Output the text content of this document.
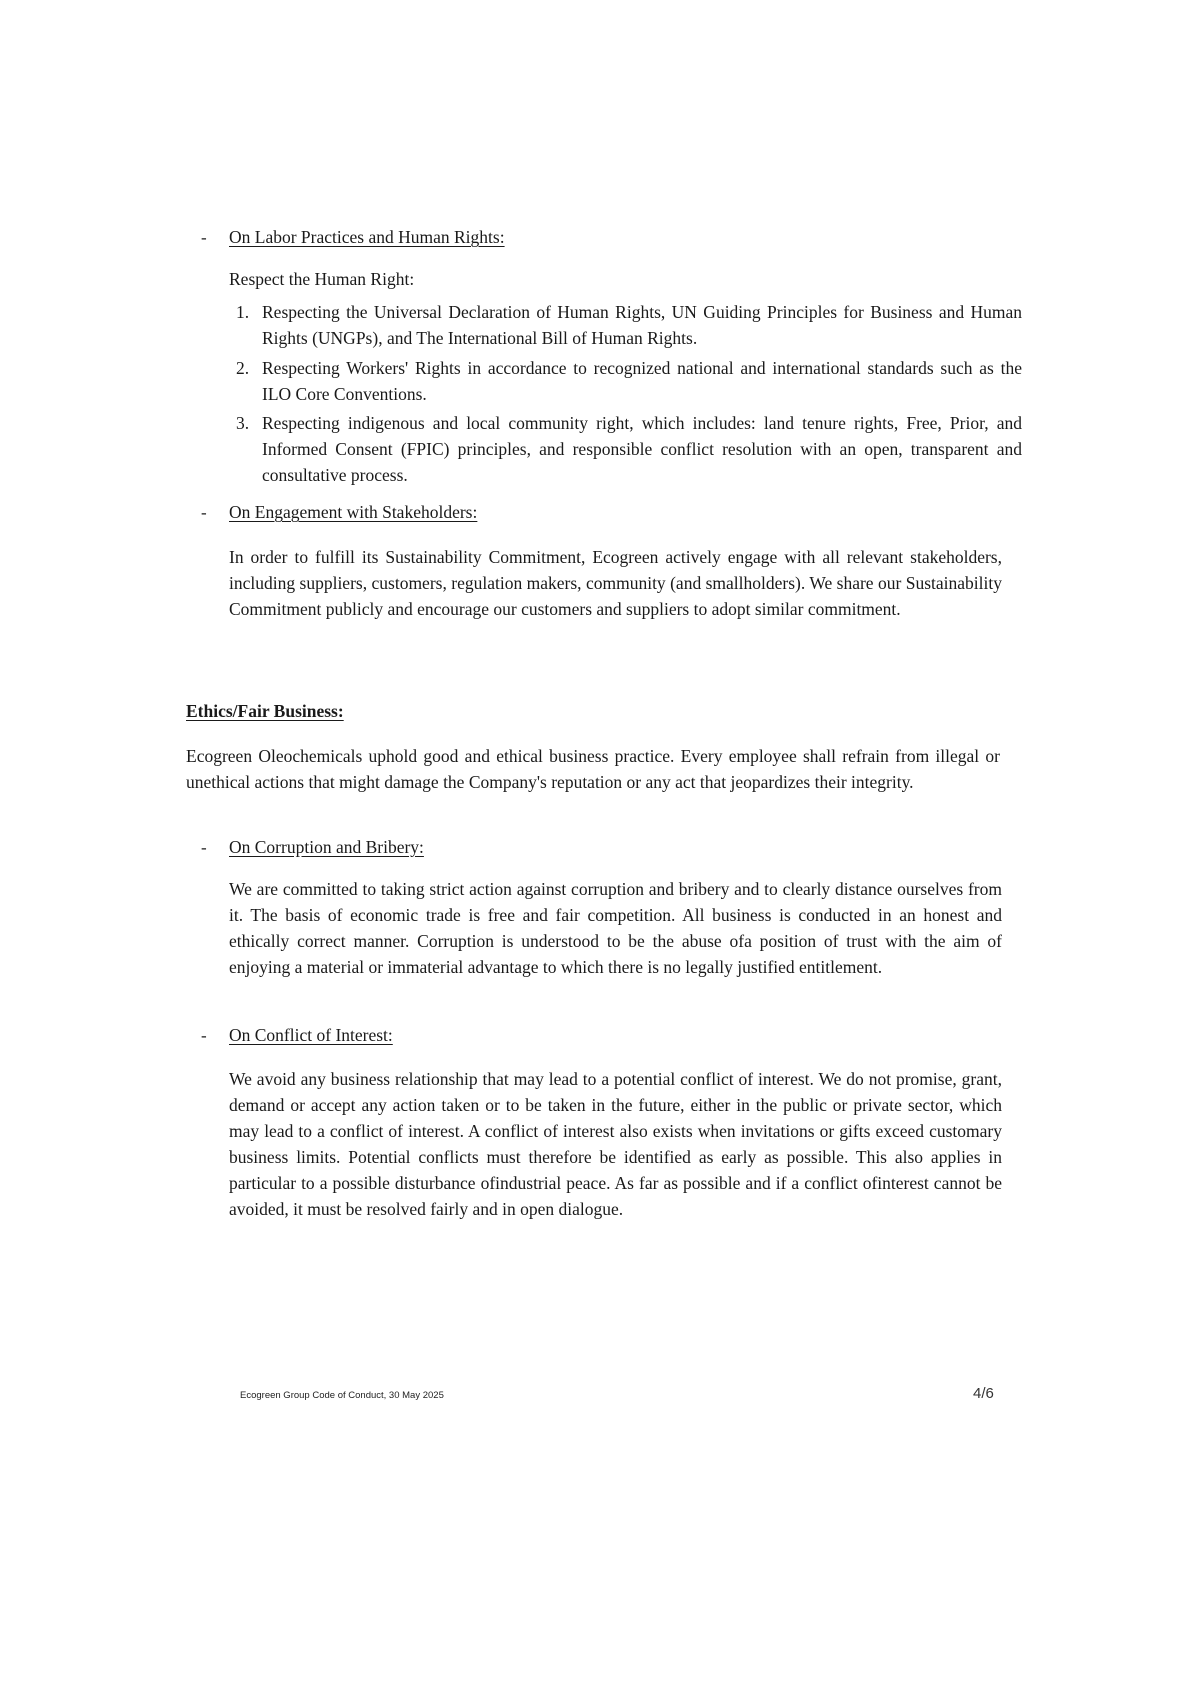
- On Labor Practices and Human Rights:
Respect the Human Right:
1. Respecting the Universal Declaration of Human Rights, UN Guiding Principles for Business and Human Rights (UNGPs), and The International Bill of Human Rights.
2. Respecting Workers' Rights in accordance to recognized national and international standards such as the ILO Core Conventions.
3. Respecting indigenous and local community right, which includes: land tenure rights, Free, Prior, and Informed Consent (FPIC) principles, and responsible conflict resolution with an open, transparent and consultative process.
- On Engagement with Stakeholders:
In order to fulfill its Sustainability Commitment, Ecogreen actively engage with all relevant stakeholders, including suppliers, customers, regulation makers, community (and smallholders). We share our Sustainability Commitment publicly and encourage our customers and suppliers to adopt similar commitment.
Ethics/Fair Business:
Ecogreen Oleochemicals uphold good and ethical business practice. Every employee shall refrain from illegal or unethical actions that might damage the Company's reputation or any act that jeopardizes their integrity.
- On Corruption and Bribery:
We are committed to taking strict action against corruption and bribery and to clearly distance ourselves from it. The basis of economic trade is free and fair competition. All business is conducted in an honest and ethically correct manner. Corruption is understood to be the abuse ofa position of trust with the aim of enjoying a material or immaterial advantage to which there is no legally justified entitlement.
- On Conflict of Interest:
We avoid any business relationship that may lead to a potential conflict of interest. We do not promise, grant, demand or accept any action taken or to be taken in the future, either in the public or private sector, which may lead to a conflict of interest. A conflict of interest also exists when invitations or gifts exceed customary business limits. Potential conflicts must therefore be identified as early as possible. This also applies in particular to a possible disturbance ofindustrial peace. As far as possible and if a conflict ofinterest cannot be avoided, it must be resolved fairly and in open dialogue.
Ecogreen Group Code of Conduct, 30 May 2025	4/6
